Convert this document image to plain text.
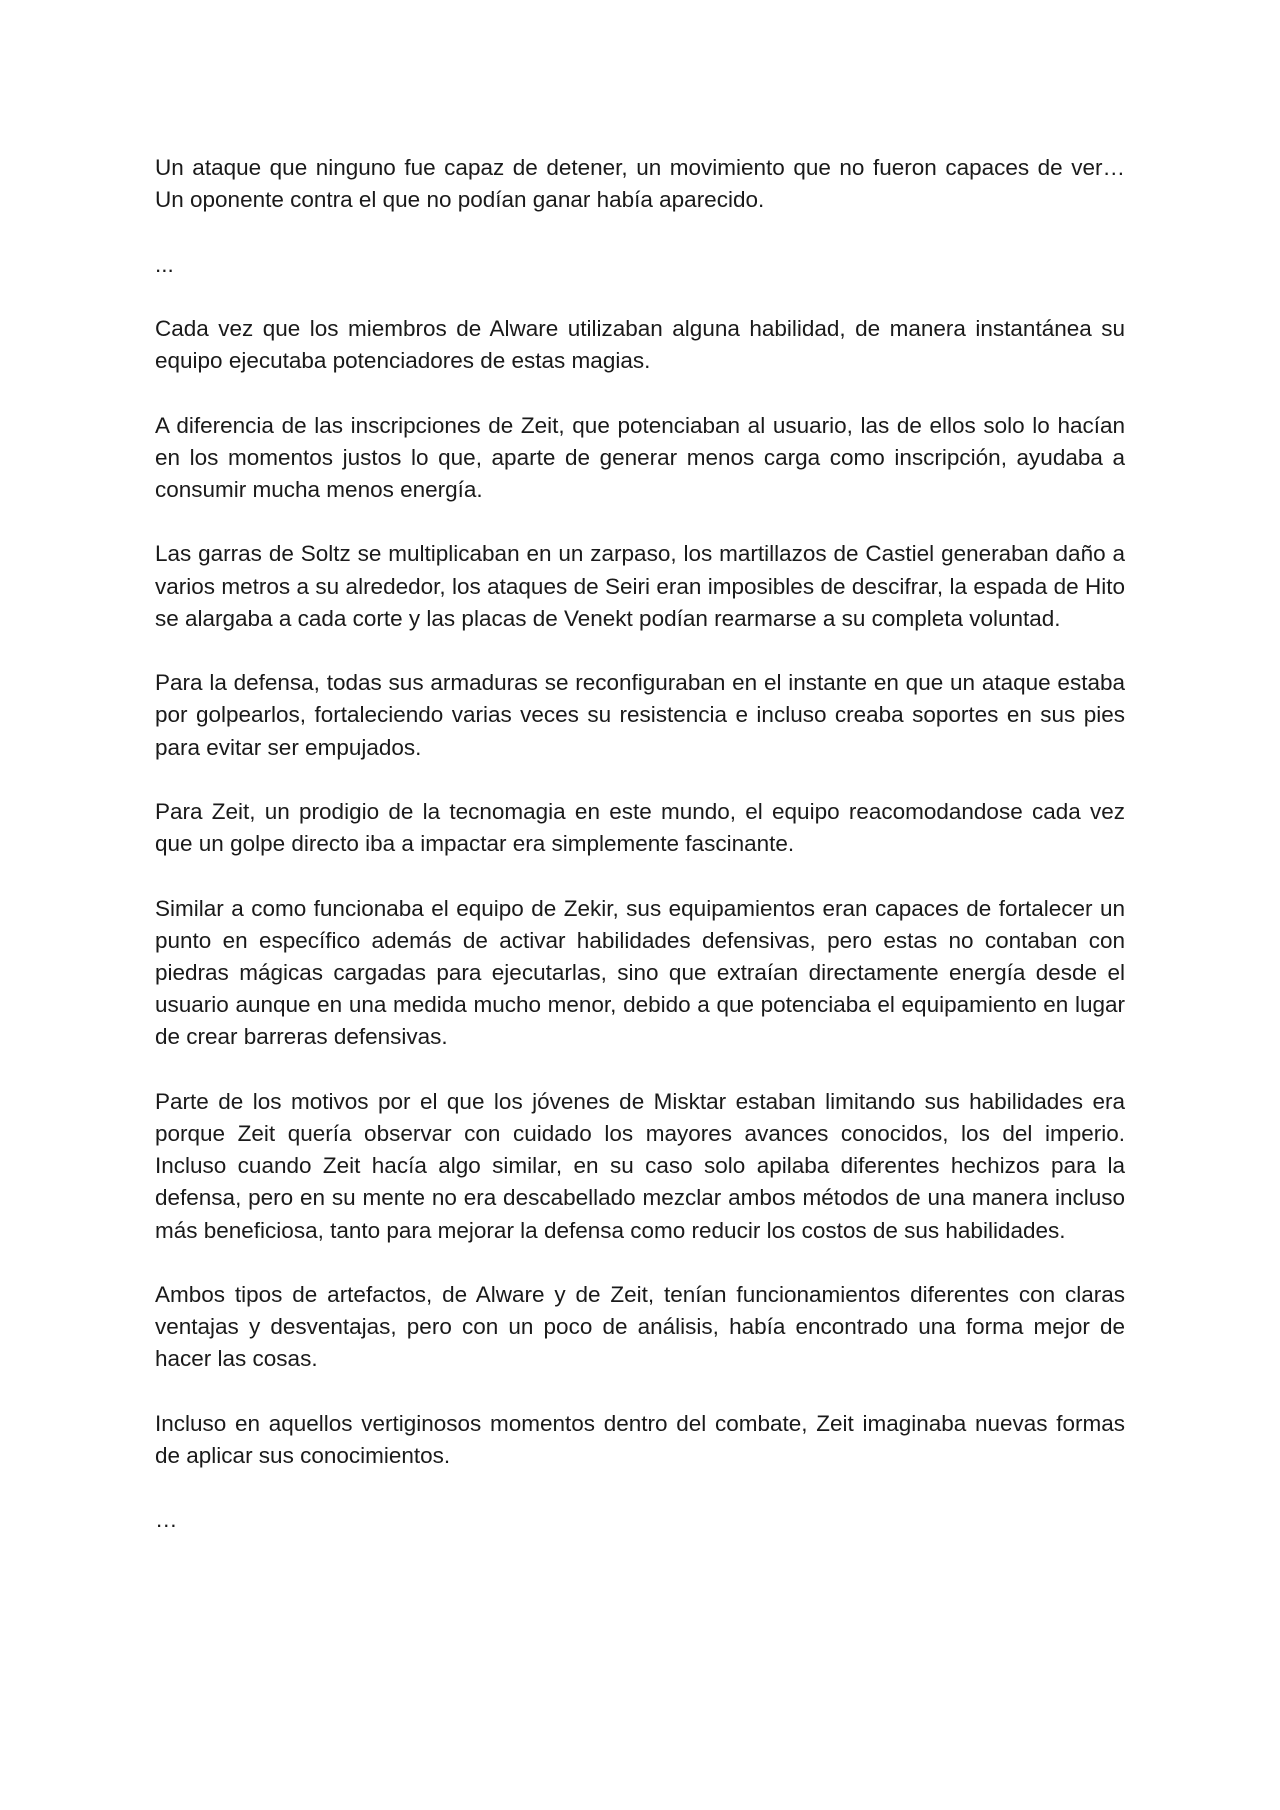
Un ataque que ninguno fue capaz de detener, un movimiento que no fueron capaces de ver… Un oponente contra el que no podían ganar había aparecido.

...

Cada vez que los miembros de Alware utilizaban alguna habilidad, de manera instantánea su equipo ejecutaba potenciadores de estas magias.

A diferencia de las inscripciones de Zeit, que potenciaban al usuario, las de ellos solo lo hacían en los momentos justos lo que, aparte de generar menos carga como inscripción, ayudaba a consumir mucha menos energía.

Las garras de Soltz se multiplicaban en un zarpaso, los martillazos de Castiel generaban daño a varios metros a su alrededor, los ataques de Seiri eran imposibles de descifrar, la espada de Hito se alargaba a cada corte y las placas de Venekt podían rearmarse a su completa voluntad.

Para la defensa, todas sus armaduras se reconfiguraban en el instante en que un ataque estaba por golpearlos, fortaleciendo varias veces su resistencia e incluso creaba soportes en sus pies para evitar ser empujados.

Para Zeit, un prodigio de la tecnomagia en este mundo, el equipo reacomodandose cada vez que un golpe directo iba a impactar era simplemente fascinante.

Similar a como funcionaba el equipo de Zekir, sus equipamientos eran capaces de fortalecer un punto en específico además de activar habilidades defensivas, pero estas no contaban con piedras mágicas cargadas para ejecutarlas, sino que extraían directamente energía desde el usuario aunque en una medida mucho menor, debido a que potenciaba el equipamiento en lugar de crear barreras defensivas.

Parte de los motivos por el que los jóvenes de Misktar estaban limitando sus habilidades era porque Zeit quería observar con cuidado los mayores avances conocidos, los del imperio. Incluso cuando Zeit hacía algo similar, en su caso solo apilaba diferentes hechizos para la defensa, pero en su mente no era descabellado mezclar ambos métodos de una manera incluso más beneficiosa, tanto para mejorar la defensa como reducir los costos de sus habilidades.

Ambos tipos de artefactos, de Alware y de Zeit, tenían funcionamientos diferentes con claras ventajas y desventajas, pero con un poco de análisis, había encontrado una forma mejor de hacer las cosas.

Incluso en aquellos vertiginosos momentos dentro del combate, Zeit imaginaba nuevas formas de aplicar sus conocimientos.

…
